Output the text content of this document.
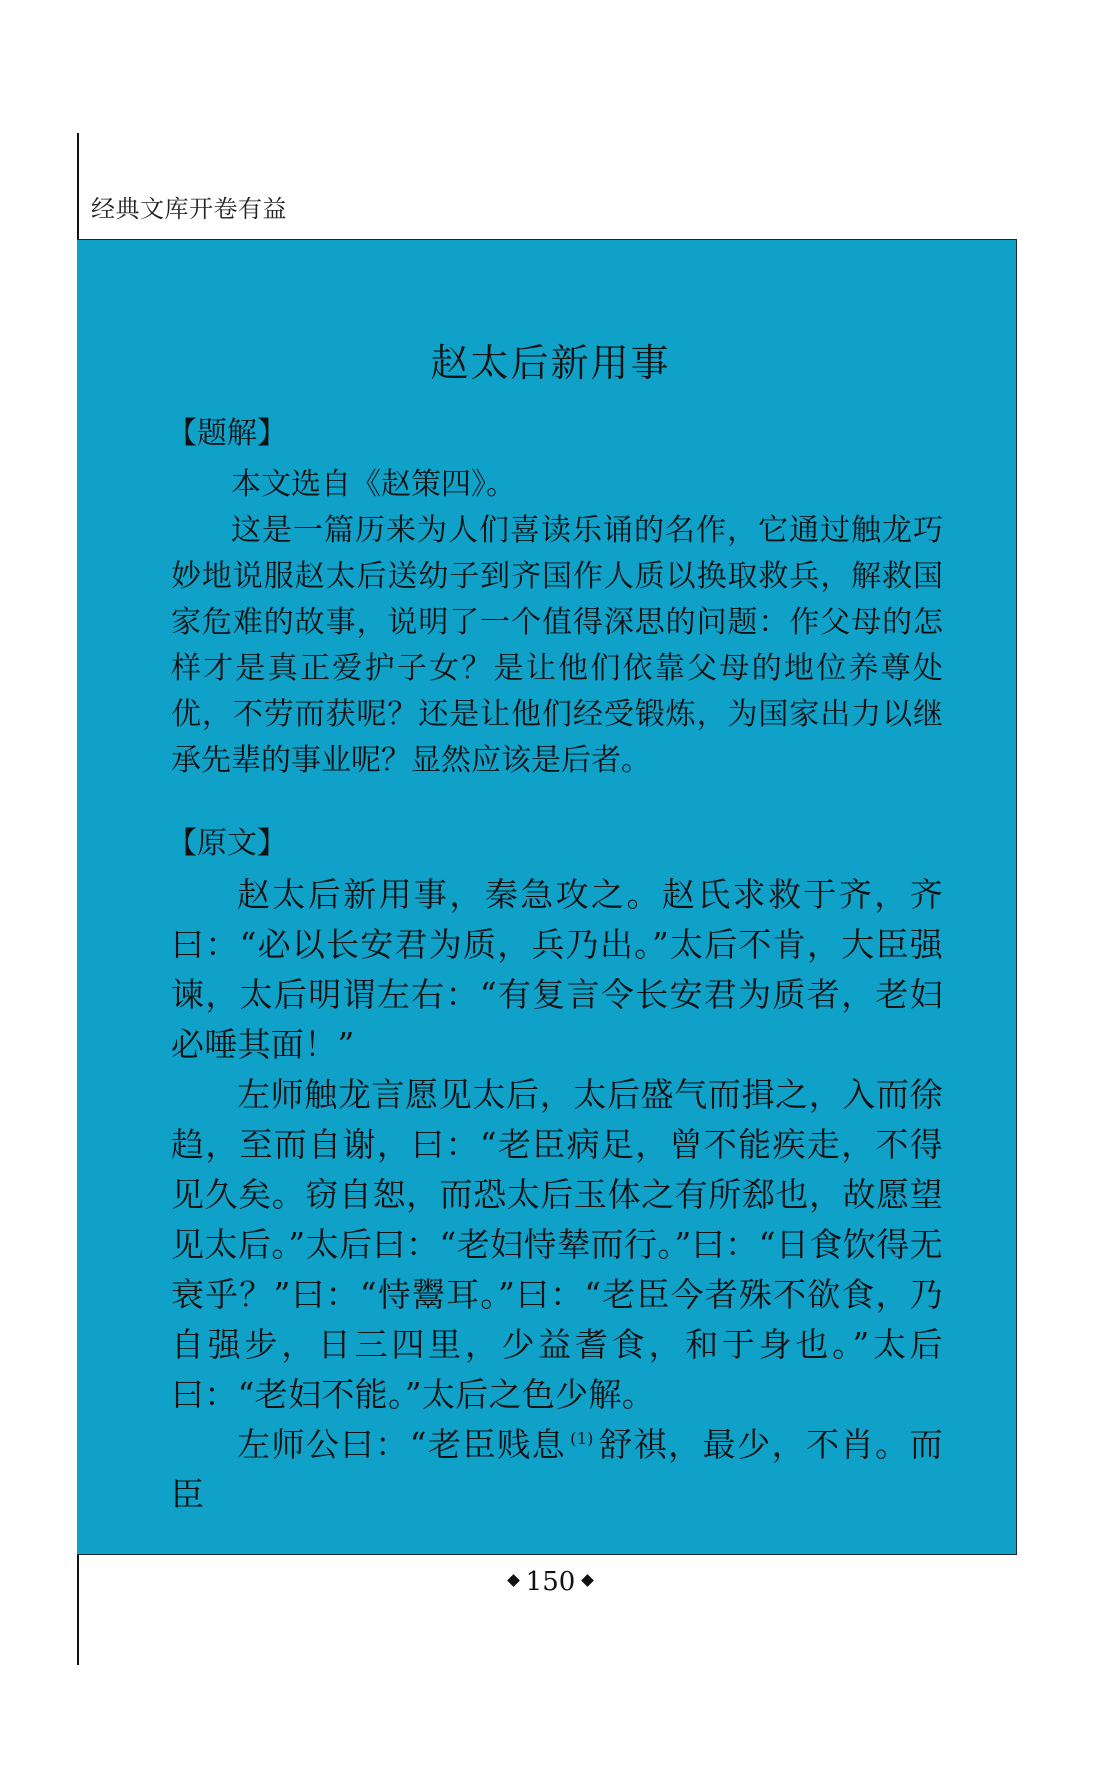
经典文库开卷有益
赵太后新用事
【题解】

本文选自《赵策四》。

这是一篇历来为人们喜读乐诵的名作，它通过触龙巧妙地说服赵太后送幼子到齐国作人质以换取救兵，解救国家危难的故事，说明了一个值得深思的问题：作父母的怎样才是真正爱护子女？是让他们依靠父母的地位养尊处优，不劳而获呢？还是让他们经受锻炼，为国家出力以继承先辈的事业呢？显然应该是后者。

【原文】

赵太后新用事，秦急攻之。赵氏求救于齐，齐曰：“必以长安君为质，兵乃出。”太后不肯，大臣强谏，太后明谓左右：“有复言令长安君为质者，老妇必唾其面！”

左师触龙言愿见太后，太后盛气而揖之，入而徐趋，至而自谢，曰：“老臣病足，曾不能疾走，不得见久矣。窃自恕，而恐太后玉体之有所郄也，故愿望见太后。”太后曰：“老妇恃辇而行。”曰：“日食饮得无衰乎？”曰：“恃鬻耳。”曰：“老臣今者殊不欲食，乃自强步，日三四里，少益耆食，和于身也。”太后曰：“老妇不能。”太后之色少解。

左师公曰：“老臣贱息 $^{(1)}$ 舒祺，最少，不肖。而臣

150
